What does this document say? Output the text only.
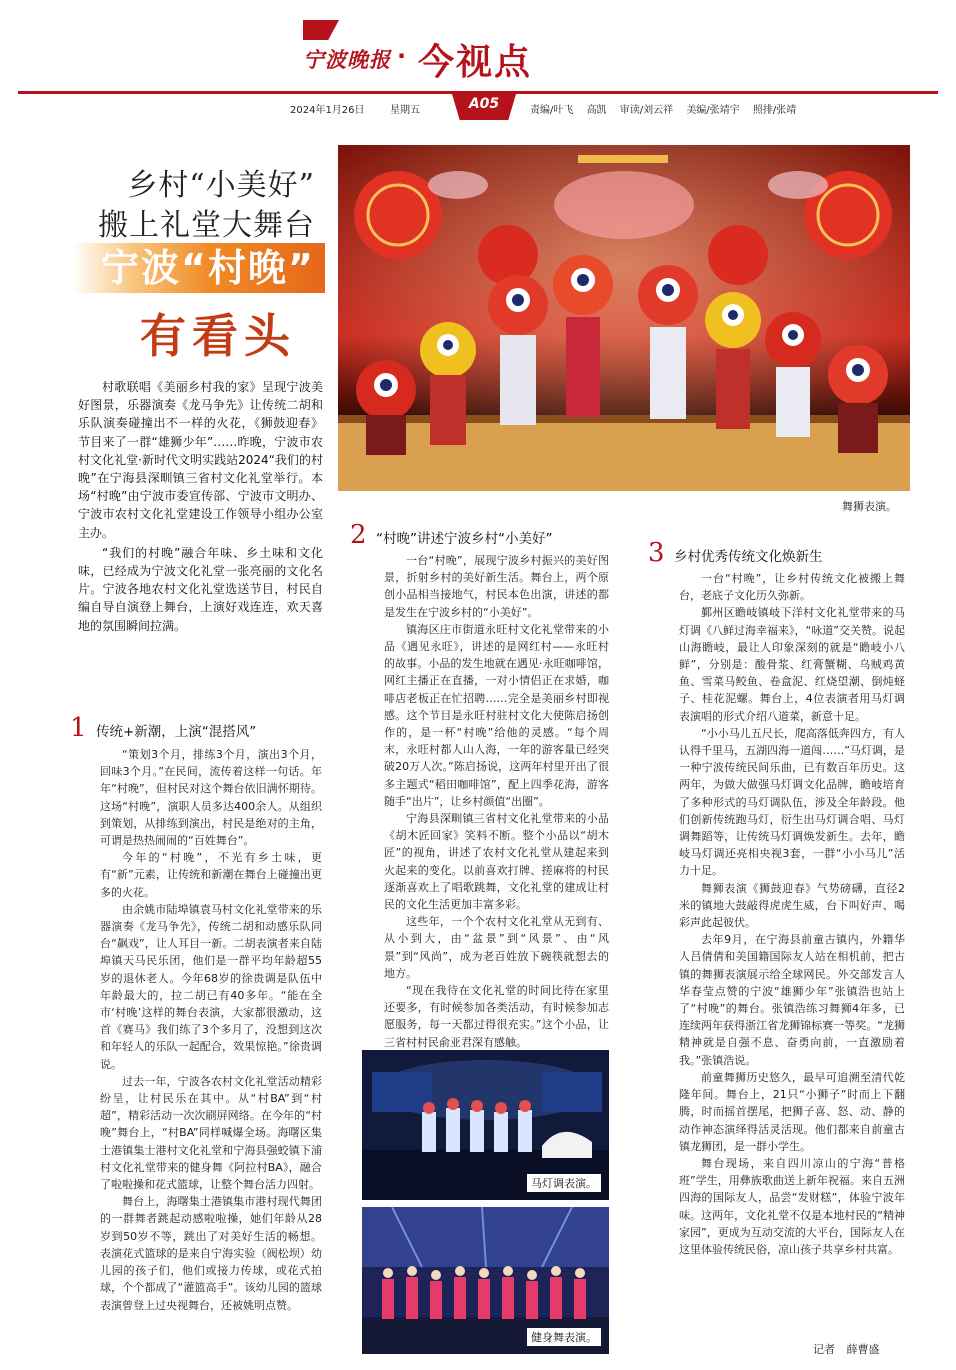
宁波晚报 · 今视点
2024年1月26日	星期五	A05	责编/叶飞 高凯 审读/刘云祥 美编/张靖宇 照排/张靖
乡村“小美好”
搬上礼堂大舞台
宁波“村晚”
有看头
舞狮表演。

村歌联唱《美丽乡村我的家》呈现宁波美好图景，乐器演奏《龙马争先》让传统二胡和乐队演奏碰撞出不一样的火花，《狮鼓迎春》节目来了一群“雄狮少年”……昨晚，宁波市农村文化礼堂·新时代文明实践站2024“我们的村晚”在宁海县深甽镇三省村文化礼堂举行。本场“村晚”由宁波市委宣传部、宁波市文明办、宁波市农村文化礼堂建设工作领导小组办公室主办。

“我们的村晚”融合年味、乡土味和文化味，已经成为宁波文化礼堂一张亮丽的文化名片。宁波各地农村文化礼堂选送节目，村民自编自导自演登上舞台，上演好戏连连，欢天喜地的氛围瞬间拉满。

1 传统+新潮，上演“混搭风”

“策划3个月，排练3个月，演出3个月，回味3个月。”在民间，流传着这样一句话。年年“村晚”，但村民对这个舞台依旧满怀期待。这场“村晚”，演职人员多达400余人。从组织到策划，从排练到演出，村民是绝对的主角，可谓是热热闹闹的“百姓舞台”。

今年的“村晚”，不光有乡土味，更有“新”元素，让传统和新潮在舞台上碰撞出更多的火花。

由余姚市陆埠镇袁马村文化礼堂带来的乐器演奏《龙马争先》，传统二胡和动感乐队同台“飙戏”，让人耳目一新。二胡表演者来自陆埠镇天马民乐团，他们是一群平均年龄超55岁的退休老人。今年68岁的徐贵调是队伍中年龄最大的，拉二胡已有40多年。“能在全市‘村晚’这样的舞台表演，大家都很激动，这首《赛马》我们练了3个多月了，没想到这次和年轻人的乐队一起配合，效果惊艳。”徐贵调说。

过去一年，宁波各农村文化礼堂活动精彩纷呈，让村民乐在其中。从“村BA”到“村超”，精彩活动一次次刷屏网络。在今年的“村晚”舞台上，“村BA”同样喊爆全场。海曙区集士港镇集士港村文化礼堂和宁海县强蛟镇下浦村文化礼堂带来的健身舞《阿拉村BA》，融合了啦啦操和花式篮球，让整个舞台活力四射。

舞台上，海曙集士港镇集市港村现代舞团的一群舞者跳起动感啦啦操，她们年龄从28岁到50岁不等，跳出了对美好生活的畅想。表演花式篮球的是来自宁海实验（阀松坝）幼儿园的孩子们，他们或接力传球，或花式拍球，个个都成了“灌篮高手”。该幼儿园的篮球表演曾登上过央视舞台，还被姚明点赞。

2 “村晚”讲述宁波乡村“小美好”

一台“村晚”，展现宁波乡村振兴的美好图景，折射乡村的美好新生活。舞台上，两个原创小品相当接地气，村民本色出演，讲述的都是发生在宁波乡村的“小美好”。

镇海区庄市街道永旺村文化礼堂带来的小品《遇见永旺》，讲述的是网红村——永旺村的故事。小品的发生地就在遇见·永旺咖啡馆，网红主播正在直播，一对小情侣正在求婚，咖啡店老板正在忙招聘……完全是美丽乡村即视感。这个节目是永旺村驻村文化大使陈启扬创作的，是一杯“村晚”给他的灵感。“每个周末，永旺村都人山人海，一年的游客量已经突破20万人次。”陈启扬说，这两年村里开出了很多主题式“稻田咖啡馆”，配上四季花海，游客随手“出片”，让乡村颜值“出圈”。

宁海县深甽镇三省村文化礼堂带来的小品《胡木匠回家》笑料不断。整个小品以“胡木匠”的视角，讲述了农村文化礼堂从建起来到火起来的变化。以前喜欢打牌、搓麻将的村民逐渐喜欢上了唱歌跳舞，文化礼堂的建成让村民的文化生活更加丰富多彩。

这些年，一个个农村文化礼堂从无到有、从小到大，由“盆景”到“风景”、由“风景”到“风尚”，成为老百姓放下碗筷就想去的地方。

“现在我待在文化礼堂的时间比待在家里还要多，有时候参加各类活动，有时候参加志愿服务，每一天都过得很充实。”这个小品，让三省村村民俞亚君深有感触。

马灯调表演。
健身舞表演。
3 乡村优秀传统文化焕新生

一台“村晚”，让乡村传统文化被搬上舞台，老底子文化历久弥新。

鄞州区瞻岐镇岐下洋村文化礼堂带来的马灯调《八鲜过海幸福来》，“咏道”交关赞。说起山海瞻岐，最让人印象深刻的就是“瞻岐小八鲜”，分别是：酸骨浆、红膏蟹糊、乌贼鸡黄鱼、雪菜马鲛鱼、卷盒泥、红烧望潮、倒炖蛏子、桂花泥螺。舞台上，4位表演者用马灯调表演唱的形式介绍八道菜，新意十足。

“小小马儿五尺长，爬高落低奔四方，有人认得千里马，五湖四海一道闯……”马灯调，是一种宁波传统民间乐曲，已有数百年历史。这两年，为做大做强马灯调文化品牌，瞻岐培育了多种形式的马灯调队伍，涉及全年龄段。他们创新传统跑马灯，衍生出马灯调合唱、马灯调舞蹈等，让传统马灯调焕发新生。去年，瞻岐马灯调还亮相央视3套，一群“小小马儿”活力十足。

舞狮表演《狮鼓迎春》气势磅礴，直径2米的镇地大鼓敲得虎虎生威，台下叫好声、喝彩声此起彼伏。

去年9月，在宁海县前童古镇内，外籍华人吕倩倩和美国籍国际友人站在相机前，把古镇的舞狮表演展示给全球网民。外交部发言人华春莹点赞的宁波“雄狮少年”张镇浩也站上了“村晚”的舞台。张镇浩练习舞狮4年多，已连续两年获得浙江省龙狮锦标赛一等奖。“龙狮精神就是自强不息、奋勇向前，一直激励着我。”张镇浩说。

前童舞狮历史悠久，最早可追溯至清代乾隆年间。舞台上，21只“小狮子”时而上下翻腾，时而摇首摆尾，把狮子喜、怒、动、静的动作神态演绎得活灵活现。他们都来自前童古镇龙狮团，是一群小学生。

舞台现场，来自四川凉山的宁海“普格班”学生，用彝族歌曲送上新年祝福。来自五洲四海的国际友人，品尝“发财糕”，体验宁波年味。这两年，文化礼堂不仅是本地村民的“精神家园”，更成为互动交流的大平台，国际友人在这里体验传统民俗，凉山孩子共享乡村共富。

记者 薛曹盛
